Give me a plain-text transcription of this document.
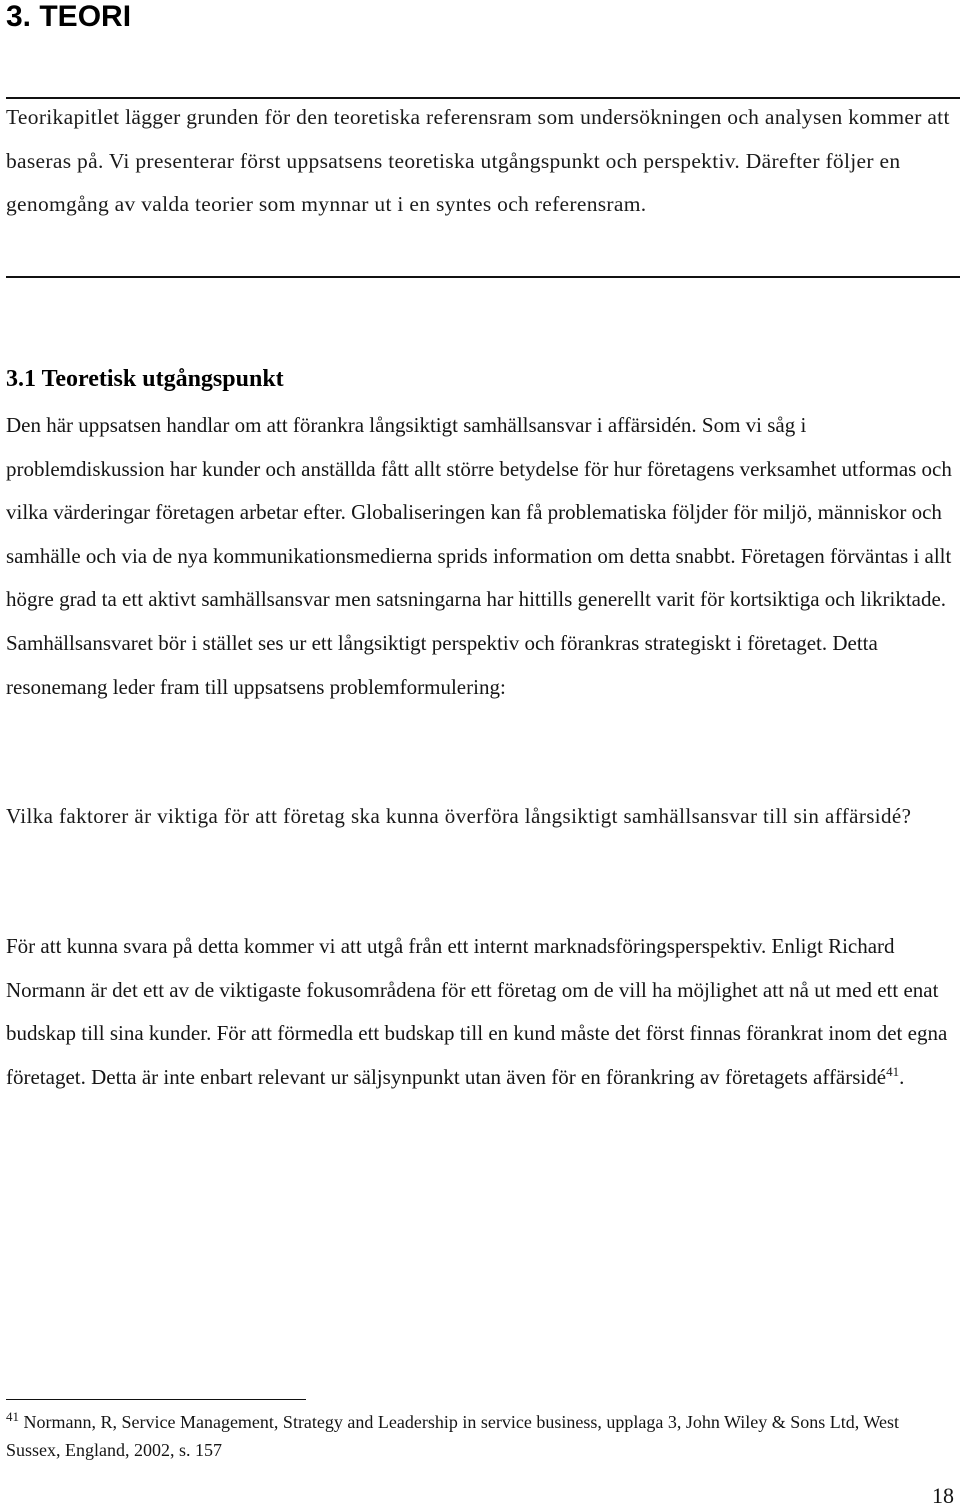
3. TEORI
Teorikapitlet lägger grunden för den teoretiska referensram som undersökningen och analysen kommer att baseras på. Vi presenterar först uppsatsens teoretiska utgångspunkt och perspektiv. Därefter följer en genomgång av valda teorier som mynnar ut i en syntes och referensram.
3.1 Teoretisk utgångspunkt
Den här uppsatsen handlar om att förankra långsiktigt samhällsansvar i affärsidén. Som vi såg i problemdiskussion har kunder och anställda fått allt större betydelse för hur företagens verksamhet utformas och vilka värderingar företagen arbetar efter. Globaliseringen kan få problematiska följder för miljö, människor och samhälle och via de nya kommunikationsmedierna sprids information om detta snabbt. Företagen förväntas i allt högre grad ta ett aktivt samhällsansvar men satsningarna har hittills generellt varit för kortsiktiga och likriktade. Samhällsansvaret bör i stället ses ur ett långsiktigt perspektiv och förankras strategiskt i företaget. Detta resonemang leder fram till uppsatsens problemformulering:
Vilka faktorer är viktiga för att företag ska kunna överföra långsiktigt samhällsansvar till sin affärsidé?
För att kunna svara på detta kommer vi att utgå från ett internt marknadsföringsperspektiv. Enligt Richard Normann är det ett av de viktigaste fokusområdena för ett företag om de vill ha möjlighet att nå ut med ett enat budskap till sina kunder. För att förmedla ett budskap till en kund måste det först finnas förankrat inom det egna företaget. Detta är inte enbart relevant ur säljsynpunkt utan även för en förankring av företagets affärsidé$^{41}$.
$^{41}$ Normann, R, Service Management, Strategy and Leadership in service business, upplaga 3, John Wiley & Sons Ltd, West Sussex, England, 2002, s. 157
18
